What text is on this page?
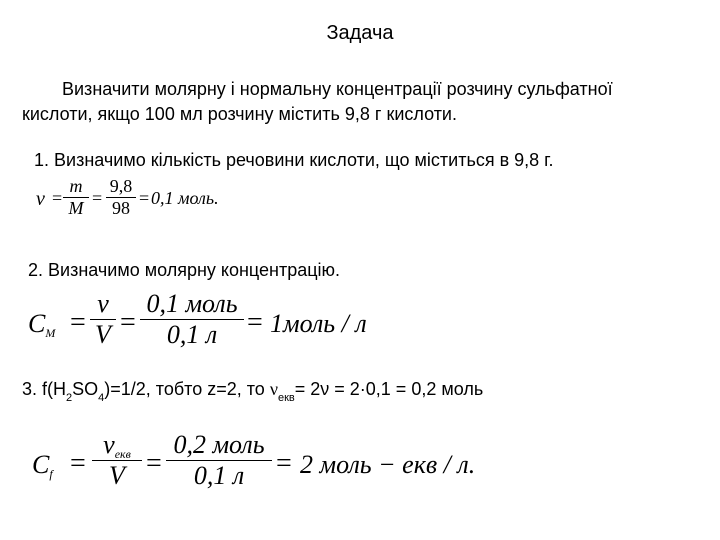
Задача
Визначити молярну і нормальну концентрації розчину сульфатної
кислоти, якщо 100 мл розчину містить 9,8 г кислоти.
1. Визначимо кількість речовини кислоти, що міститься в 9,8 г.
ν =
m
M =
9,8
98 = 0,1 моль.
2. Визначимо молярну концентрацію.
CM =
ν
V =
0,1 моль
0,1 л = 1моль / л
3. $f(H_2SO_4)=1/2$, тобто z=2, то $\nu_{екв}= 2\nu = 2\cdot 0,1 = 0,2$ моль
Cf =
νекв
V =
0,2 моль
0,1 л = 2 моль − екв / л.
